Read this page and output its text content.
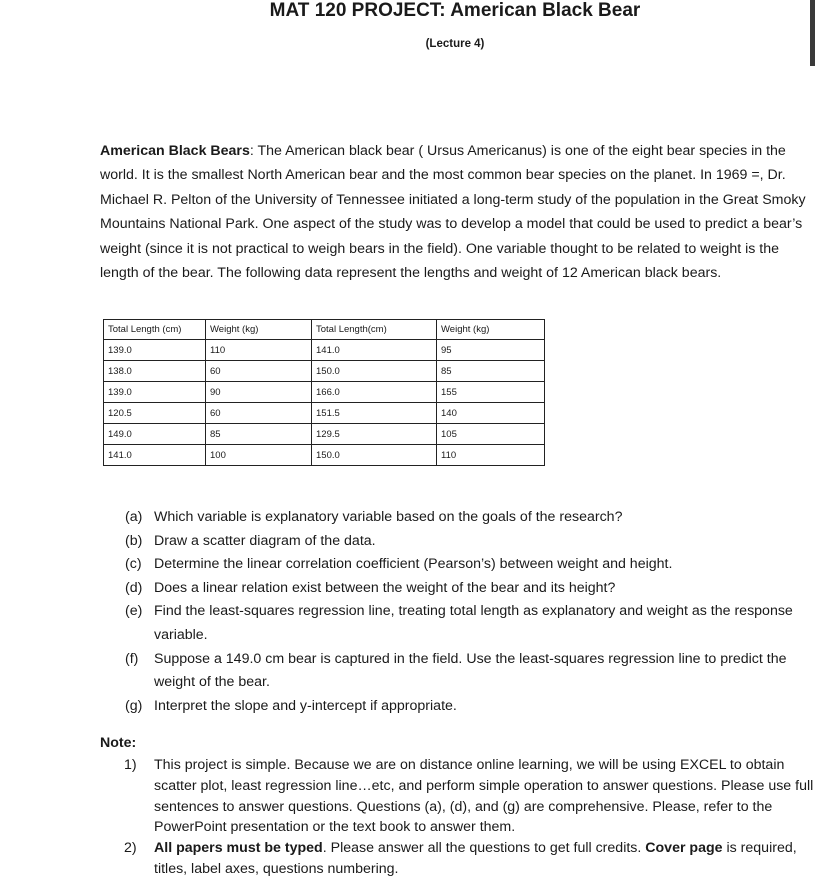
MAT 120 PROJECT: American Black Bear
(Lecture 4)
American Black Bears: The American black bear ( Ursus Americanus) is one of the eight bear species in the world. It is the smallest North American bear and the most common bear species on the planet. In 1969 =, Dr. Michael R. Pelton of the University of Tennessee initiated a long-term study of the population in the Great Smoky Mountains National Park. One aspect of the study was to develop a model that could be used to predict a bear’s weight (since it is not practical to weigh bears in the field). One variable thought to be related to weight is the length of the bear. The following data represent the lengths and weight of 12 American black bears.
Total Length (cm)	Weight (kg)	Total Length(cm)	Weight (kg)
139.0	110	141.0	95
138.0	60	150.0	85
139.0	90	166.0	155
120.5	60	151.5	140
149.0	85	129.5	105
141.0	100	150.0	110
(a) Which variable is explanatory variable based on the goals of the research?
(b) Draw a scatter diagram of the data.
(c) Determine the linear correlation coefficient (Pearson’s) between weight and height.
(d) Does a linear relation exist between the weight of the bear and its height?
(e) Find the least-squares regression line, treating total length as explanatory and weight as the response variable.
(f)	Suppose a 149.0 cm bear is captured in the field. Use the least-squares regression line to predict the weight of the bear.
(g) Interpret the slope and y-intercept if appropriate.
Note:
1)	This project is simple. Because we are on distance online learning, we will be using EXCEL to obtain scatter plot, least regression line…etc, and perform simple operation to answer questions. Please use full sentences to answer questions. Questions (a), (d), and (g) are comprehensive. Please, refer to the PowerPoint presentation or the text book to answer them.
2)	All papers must be typed. Please answer all the questions to get full credits. Cover page is required, titles, label axes, questions numbering.
